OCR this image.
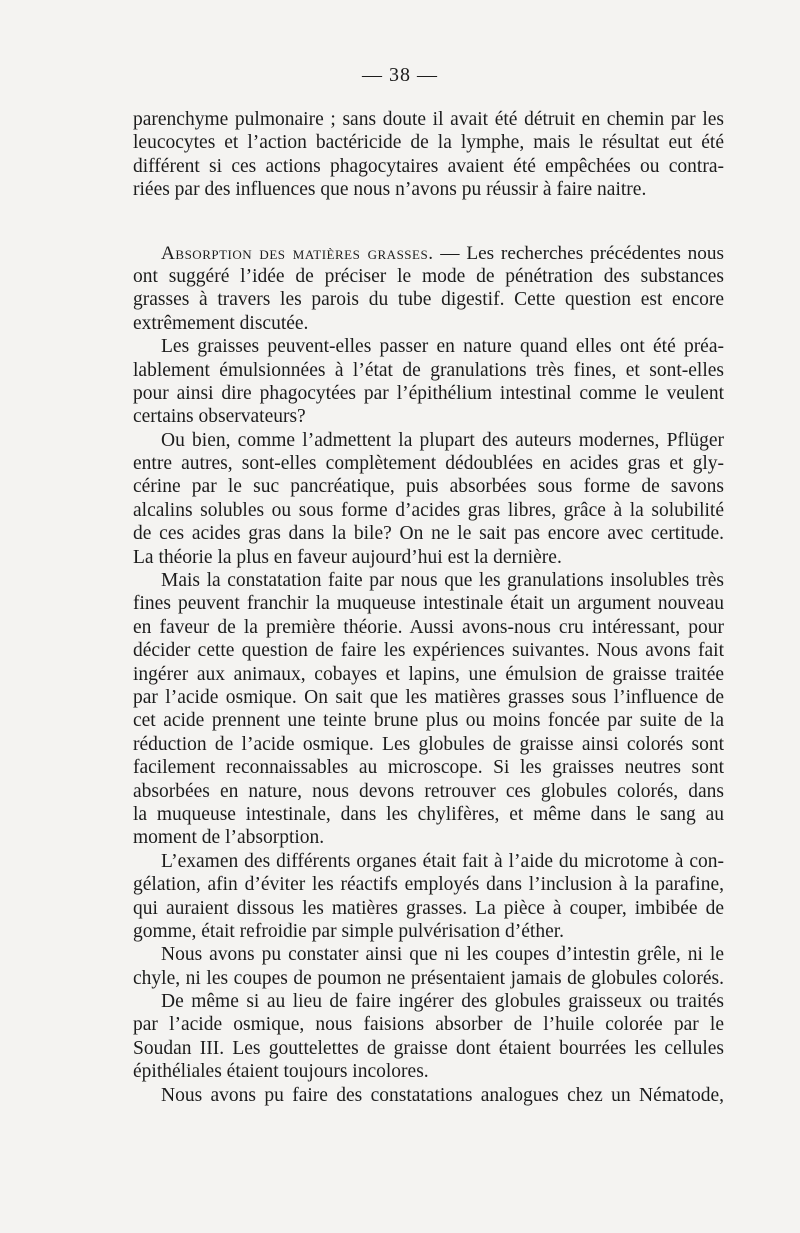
— 38 —
parenchyme pulmonaire ; sans doute il avait été détruit en chemin par les
leucocytes et l’action bactéricide de la lymphe, mais le résultat eut été
différent si ces actions phagocytaires avaient été empêchées ou contra-
riées par des influences que nous n’avons pu réussir à faire naitre.
Absorption des matières grasses. — Les recherches précédentes nous
ont suggéré l’idée de préciser le mode de pénétration des substances
grasses à travers les parois du tube digestif. Cette question est encore
extrêmement discutée.
Les graisses peuvent-elles passer en nature quand elles ont été préa-
lablement émulsionnées à l’état de granulations très fines, et sont-elles
pour ainsi dire phagocytées par l’épithélium intestinal comme le veulent
certains observateurs?
Ou bien, comme l’admettent la plupart des auteurs modernes, Pflüger
entre autres, sont-elles complètement dédoublées en acides gras et gly-
cérine par le suc pancréatique, puis absorbées sous forme de savons
alcalins solubles ou sous forme d’acides gras libres, grâce à la solubilité
de ces acides gras dans la bile? On ne le sait pas encore avec certitude.
La théorie la plus en faveur aujourd’hui est la dernière.
Mais la constatation faite par nous que les granulations insolubles très
fines peuvent franchir la muqueuse intestinale était un argument nouveau
en faveur de la première théorie. Aussi avons-nous cru intéressant, pour
décider cette question de faire les expériences suivantes. Nous avons fait
ingérer aux animaux, cobayes et lapins, une émulsion de graisse traitée
par l’acide osmique. On sait que les matières grasses sous l’influence de
cet acide prennent une teinte brune plus ou moins foncée par suite de la
réduction de l’acide osmique. Les globules de graisse ainsi colorés sont
facilement reconnaissables au microscope. Si les graisses neutres sont
absorbées en nature, nous devons retrouver ces globules colorés, dans
la muqueuse intestinale, dans les chylifères, et même dans le sang au
moment de l’absorption.
L’examen des différents organes était fait à l’aide du microtome à con-
gélation, afin d’éviter les réactifs employés dans l’inclusion à la parafine,
qui auraient dissous les matières grasses. La pièce à couper, imbibée de
gomme, était refroidie par simple pulvérisation d’éther.
Nous avons pu constater ainsi que ni les coupes d’intestin grêle, ni le
chyle, ni les coupes de poumon ne présentaient jamais de globules colorés.
De même si au lieu de faire ingérer des globules graisseux ou traités
par l’acide osmique, nous faisions absorber de l’huile colorée par le
Soudan III. Les gouttelettes de graisse dont étaient bourrées les cellules
épithéliales étaient toujours incolores.
Nous avons pu faire des constatations analogues chez un Nématode,
